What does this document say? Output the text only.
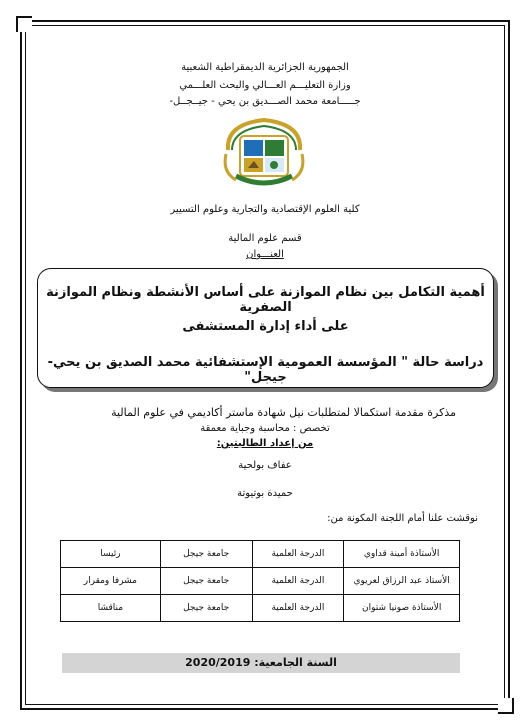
الجمهورية الجزائرية الديمقراطية الشعبية
وزارة التعليـــم العـــالي والبحث العلـــمي
جـــــامعة محمد الصـــديق بن يحي - جيــجــل-
كلية العلوم الإقتصادية والتجارية وعلوم التسيير
قسم علوم المالية
العنـــوان
أهمية التكامل بين نظام الموازنة على أساس الأنشطة ونظام الموازنة الصفرية
على أداء إدارة المستشفى
دراسة حالة " المؤسسة العمومية الإستشفائية محمد الصديق بن يحي- جيجل"
مذكرة مقدمة استكمالا لمتطلبات نيل شهادة ماستر أكاديمي في علوم المالية
تخصص : محاسبة وجباية معمقة
من إعداد الطالبتين:
عفاف بولحية
حميدة بوتيوتة
نوقشت علنا أمام اللجنة المكونة من:
الأستاذة أمينة قداوي	الدرجة العلمية	جامعة جيجل	رئيسا
الأستاذ عبد الرزاق لعريوي	الدرجة العلمية	جامعة جيجل	مشرفا ومقرار
الأستاذة صونيا شتوان	الدرجة العلمية	جامعة جيجل	مناقشا
السنة الجامعية: 2020/2019
